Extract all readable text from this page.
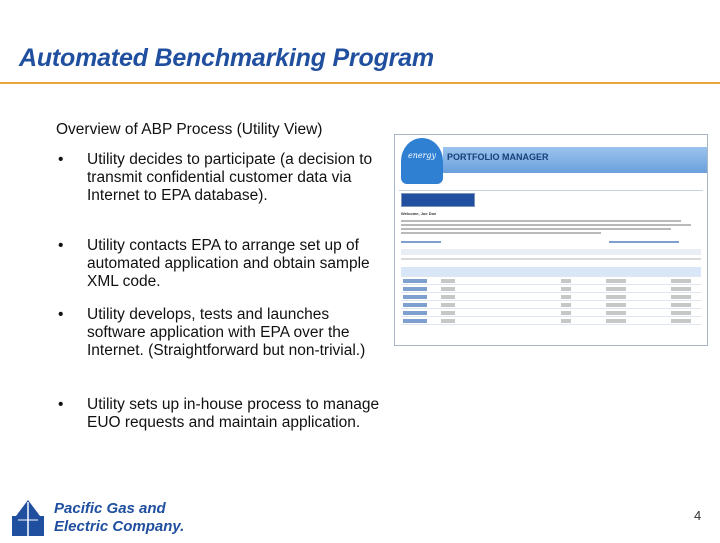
Automated Benchmarking Program
Overview of ABP Process (Utility View)
• Utility decides to participate (a decision to transmit confidential customer data via Internet to EPA database).
• Utility contacts EPA to arrange set up of automated application and obtain sample XML code.
• Utility develops, tests and launches software application with EPA over the Internet. (Straightforward but non-trivial.)
• Utility sets up in-house process to manage EUO requests and maintain application.
energy	PORTFOLIO MANAGER
Welcome, Joe Doe
Pacific Gas and
Electric Company.
4
